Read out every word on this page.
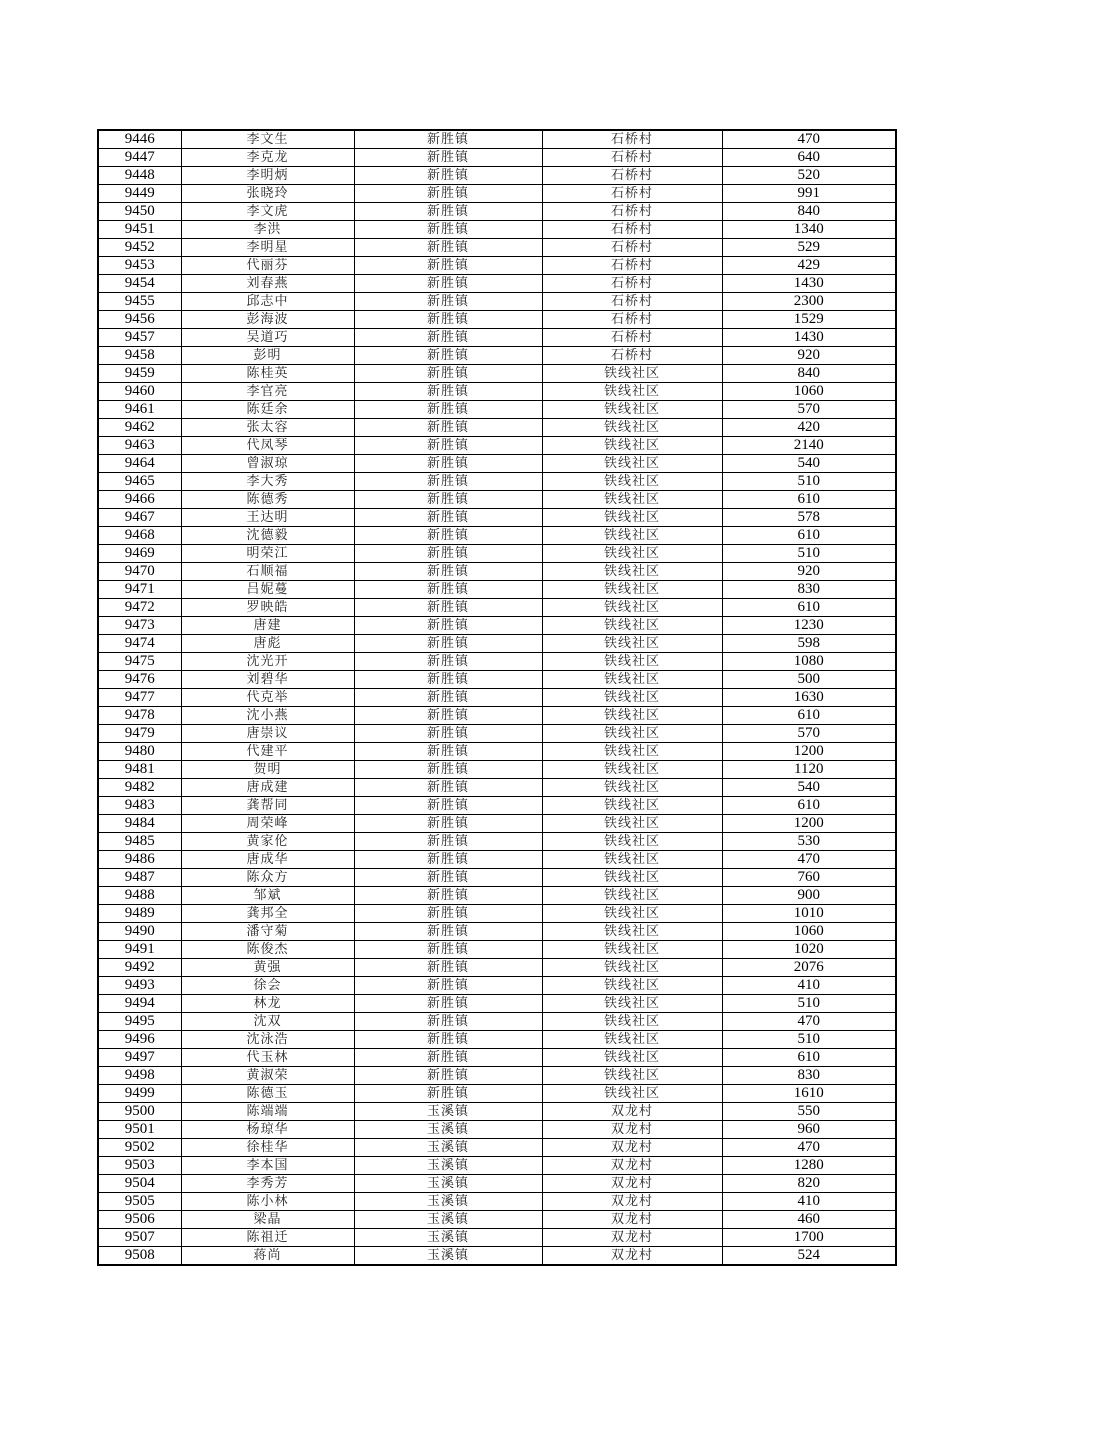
9446	李文生	新胜镇	石桥村	470
9447	李克龙	新胜镇	石桥村	640
9448	李明炳	新胜镇	石桥村	520
9449	张晓玲	新胜镇	石桥村	991
9450	李文虎	新胜镇	石桥村	840
9451	李洪	新胜镇	石桥村	1340
9452	李明星	新胜镇	石桥村	529
9453	代丽芬	新胜镇	石桥村	429
9454	刘春燕	新胜镇	石桥村	1430
9455	邱志中	新胜镇	石桥村	2300
9456	彭海波	新胜镇	石桥村	1529
9457	吴道巧	新胜镇	石桥村	1430
9458	彭明	新胜镇	石桥村	920
9459	陈桂英	新胜镇	铁线社区	840
9460	李官亮	新胜镇	铁线社区	1060
9461	陈廷余	新胜镇	铁线社区	570
9462	张太容	新胜镇	铁线社区	420
9463	代凤琴	新胜镇	铁线社区	2140
9464	曾淑琼	新胜镇	铁线社区	540
9465	李大秀	新胜镇	铁线社区	510
9466	陈德秀	新胜镇	铁线社区	610
9467	王达明	新胜镇	铁线社区	578
9468	沈德毅	新胜镇	铁线社区	610
9469	明荣江	新胜镇	铁线社区	510
9470	石顺福	新胜镇	铁线社区	920
9471	吕妮蔓	新胜镇	铁线社区	830
9472	罗映皓	新胜镇	铁线社区	610
9473	唐建	新胜镇	铁线社区	1230
9474	唐彪	新胜镇	铁线社区	598
9475	沈光开	新胜镇	铁线社区	1080
9476	刘碧华	新胜镇	铁线社区	500
9477	代克举	新胜镇	铁线社区	1630
9478	沈小燕	新胜镇	铁线社区	610
9479	唐崇议	新胜镇	铁线社区	570
9480	代建平	新胜镇	铁线社区	1200
9481	贺明	新胜镇	铁线社区	1120
9482	唐成建	新胜镇	铁线社区	540
9483	龚帮同	新胜镇	铁线社区	610
9484	周荣峰	新胜镇	铁线社区	1200
9485	黄家伦	新胜镇	铁线社区	530
9486	唐成华	新胜镇	铁线社区	470
9487	陈众方	新胜镇	铁线社区	760
9488	邹斌	新胜镇	铁线社区	900
9489	龚邦全	新胜镇	铁线社区	1010
9490	潘守菊	新胜镇	铁线社区	1060
9491	陈俊杰	新胜镇	铁线社区	1020
9492	黄强	新胜镇	铁线社区	2076
9493	徐会	新胜镇	铁线社区	410
9494	林龙	新胜镇	铁线社区	510
9495	沈双	新胜镇	铁线社区	470
9496	沈泳浩	新胜镇	铁线社区	510
9497	代玉林	新胜镇	铁线社区	610
9498	黄淑荣	新胜镇	铁线社区	830
9499	陈德玉	新胜镇	铁线社区	1610
9500	陈端端	玉溪镇	双龙村	550
9501	杨琼华	玉溪镇	双龙村	960
9502	徐桂华	玉溪镇	双龙村	470
9503	李本国	玉溪镇	双龙村	1280
9504	李秀芳	玉溪镇	双龙村	820
9505	陈小林	玉溪镇	双龙村	410
9506	梁晶	玉溪镇	双龙村	460
9507	陈祖迁	玉溪镇	双龙村	1700
9508	蒋尚	玉溪镇	双龙村	524
